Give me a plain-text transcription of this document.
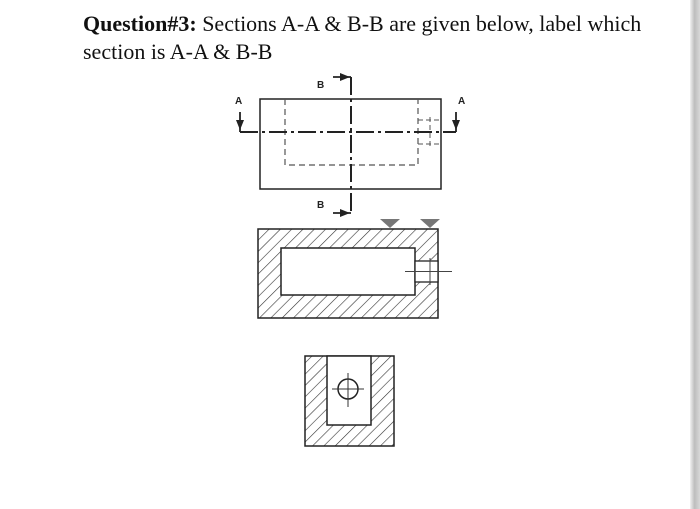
Question#3: Sections A-A & B-B are given below, label which section is A-A & B-B
A	A
B
B
